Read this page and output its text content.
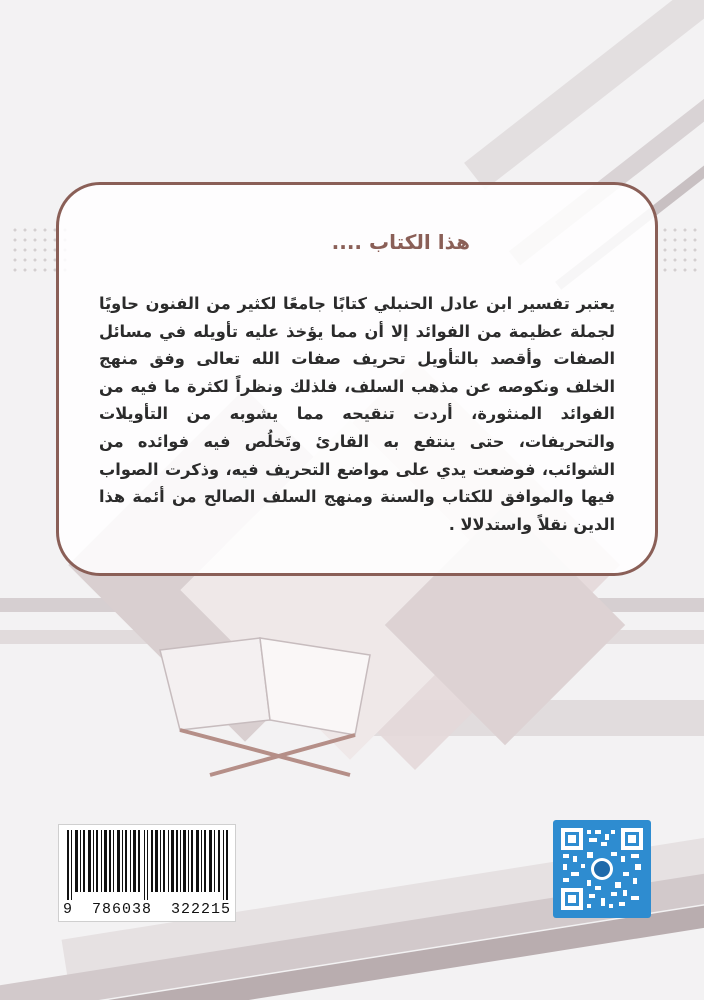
هذا الكتاب ....
يعتبر تفسير ابن عادل الحنبلي كتابًا جامعًا لكثير من الفنون حاويًا لجملة عظيمة من الفوائد إلا أن مما يؤخذ عليه تأويله في مسائل الصفات وأقصد بالتأويل تحريف صفات الله تعالى وفق منهج الخلف ونكوصه عن مذهب السلف، فلذلك ونظراً لكثرة ما فيه من الفوائد المنثورة، أردت تنقيحه مما يشوبه من التأويلات والتحريفات، حتى ينتفع به القارئ وتَخلُص فيه فوائده من الشوائب، فوضعت يدي على مواضع التحريف فيه، وذكرت الصواب فيها والموافق للكتاب والسنة ومنهج السلف الصالح من أئمة هذا الدين نقلاً واستدلالا .
9 786038 322215
